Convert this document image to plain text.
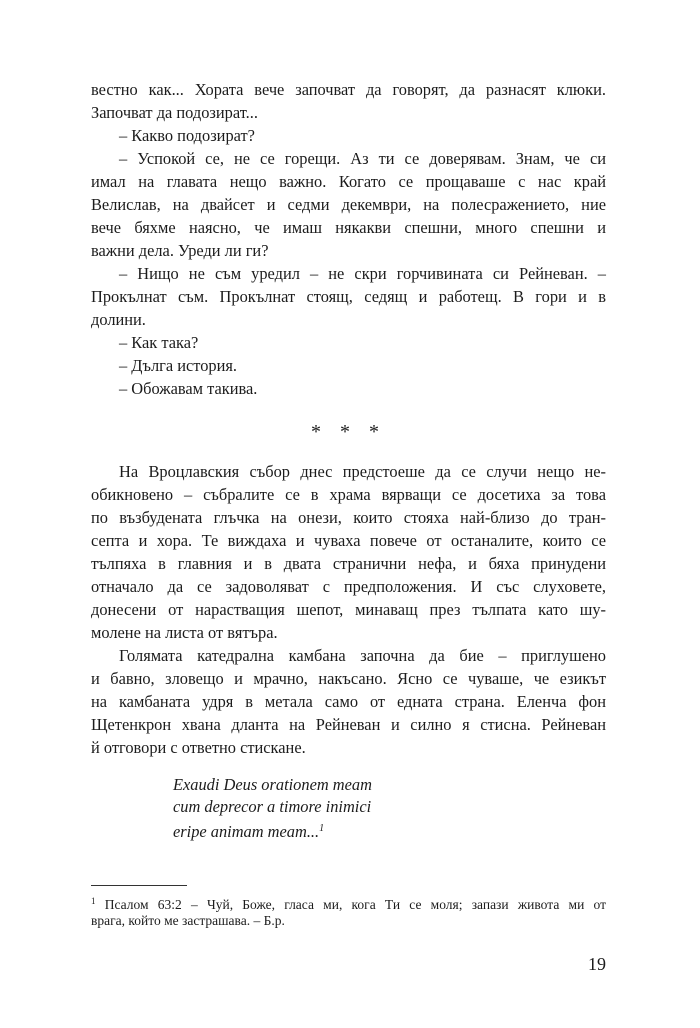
вестно как... Хората вече започват да говорят, да разнасят клюки.
Започват да подозират...
– Какво подозират?
– Успокой се, не се горещи. Аз ти се доверявам. Знам, че си
имал на главата нещо важно. Когато се прощаваше с нас край
Велислав, на двайсет и седми декември, на полесражението, ние
вече бяхме наясно, че имаш някакви спешни, много спешни и
важни дела. Уреди ли ги?
– Нищо не съм уредил – не скри горчивината си Рейневан. –
Прокълнат съм. Прокълнат стоящ, седящ и работещ. В гори и в
долини.
– Как така?
– Дълга история.
– Обожавам такива.
* * *
На Вроцлавския събор днес предстоеше да се случи нещо не-
обикновено – събралите се в храма вярващи се досетиха за това
по възбудената глъчка на онези, които стояха най-близо до тран-
септа и хора. Те виждаха и чуваха повече от останалите, които се
тълпяха в главния и в двата странични нефа, и бяха принудени
отначало да се задоволяват с предположения. И със слуховете,
донесени от нарастващия шепот, минаващ през тълпата като шу-
молене на листа от вятъра.
Голямата катедрална камбана започна да бие – приглушено
и бавно, зловещо и мрачно, накъсано. Ясно се чуваше, че езикът
на камбаната удря в метала само от едната страна. Еленча фон
Щетенкрон хвана дланта на Рейневан и силно я стисна. Рейневан
й отговори с ответно стискане.
Exaudi Deus orationem meam
cum deprecor a timore inimici
eripe animam meam...$^1$
$^1$ Псалом 63:2 – Чуй, Боже, гласа ми, кога Ти се моля; запази живота ми от
врага, който ме застрашава. – Б.р.
19
